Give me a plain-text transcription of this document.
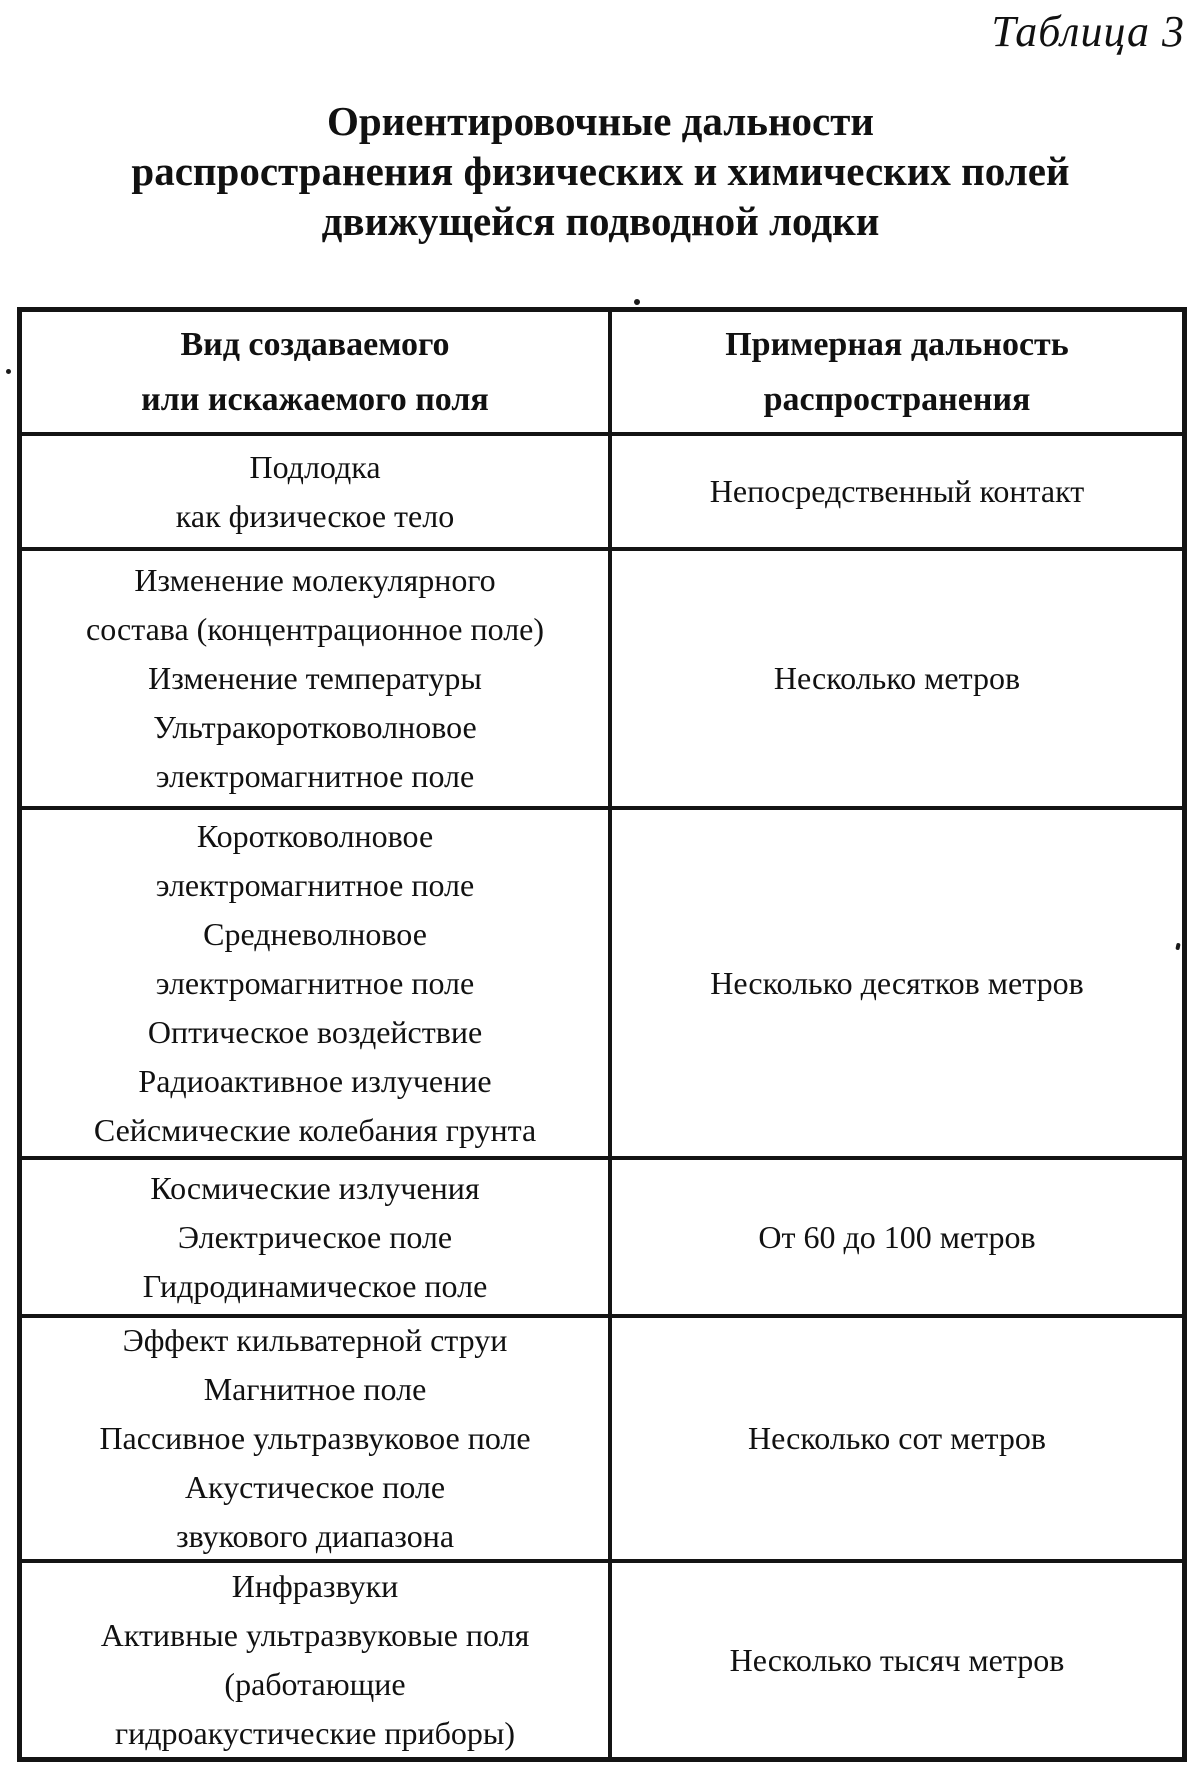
Таблица 3
Ориентировочные дальности
распространения физических и химических полей
движущейся подводной лодки
Вид создаваемого
или искажаемого поля
Примерная дальность
распространения
Подлодка
как физическое тело
Непосредственный контакт
Изменение молекулярного
состава (концентрационное поле)
Изменение температуры
Ультракоротковолновое
электромагнитное поле
Несколько метров
Коротковолновое
электромагнитное поле
Средневолновое
электромагнитное поле
Оптическое воздействие
Радиоактивное излучение
Сейсмические колебания грунта
Несколько десятков метров
Космические излучения
Электрическое поле
Гидродинамическое поле
От 60 до 100 метров
Эффект кильватерной струи
Магнитное поле
Пассивное ультразвуковое поле
Акустическое поле
звукового диапазона
Несколько сот метров
Инфразвуки
Активные ультразвуковые поля
(работающие
гидроакустические приборы)
Несколько тысяч метров
